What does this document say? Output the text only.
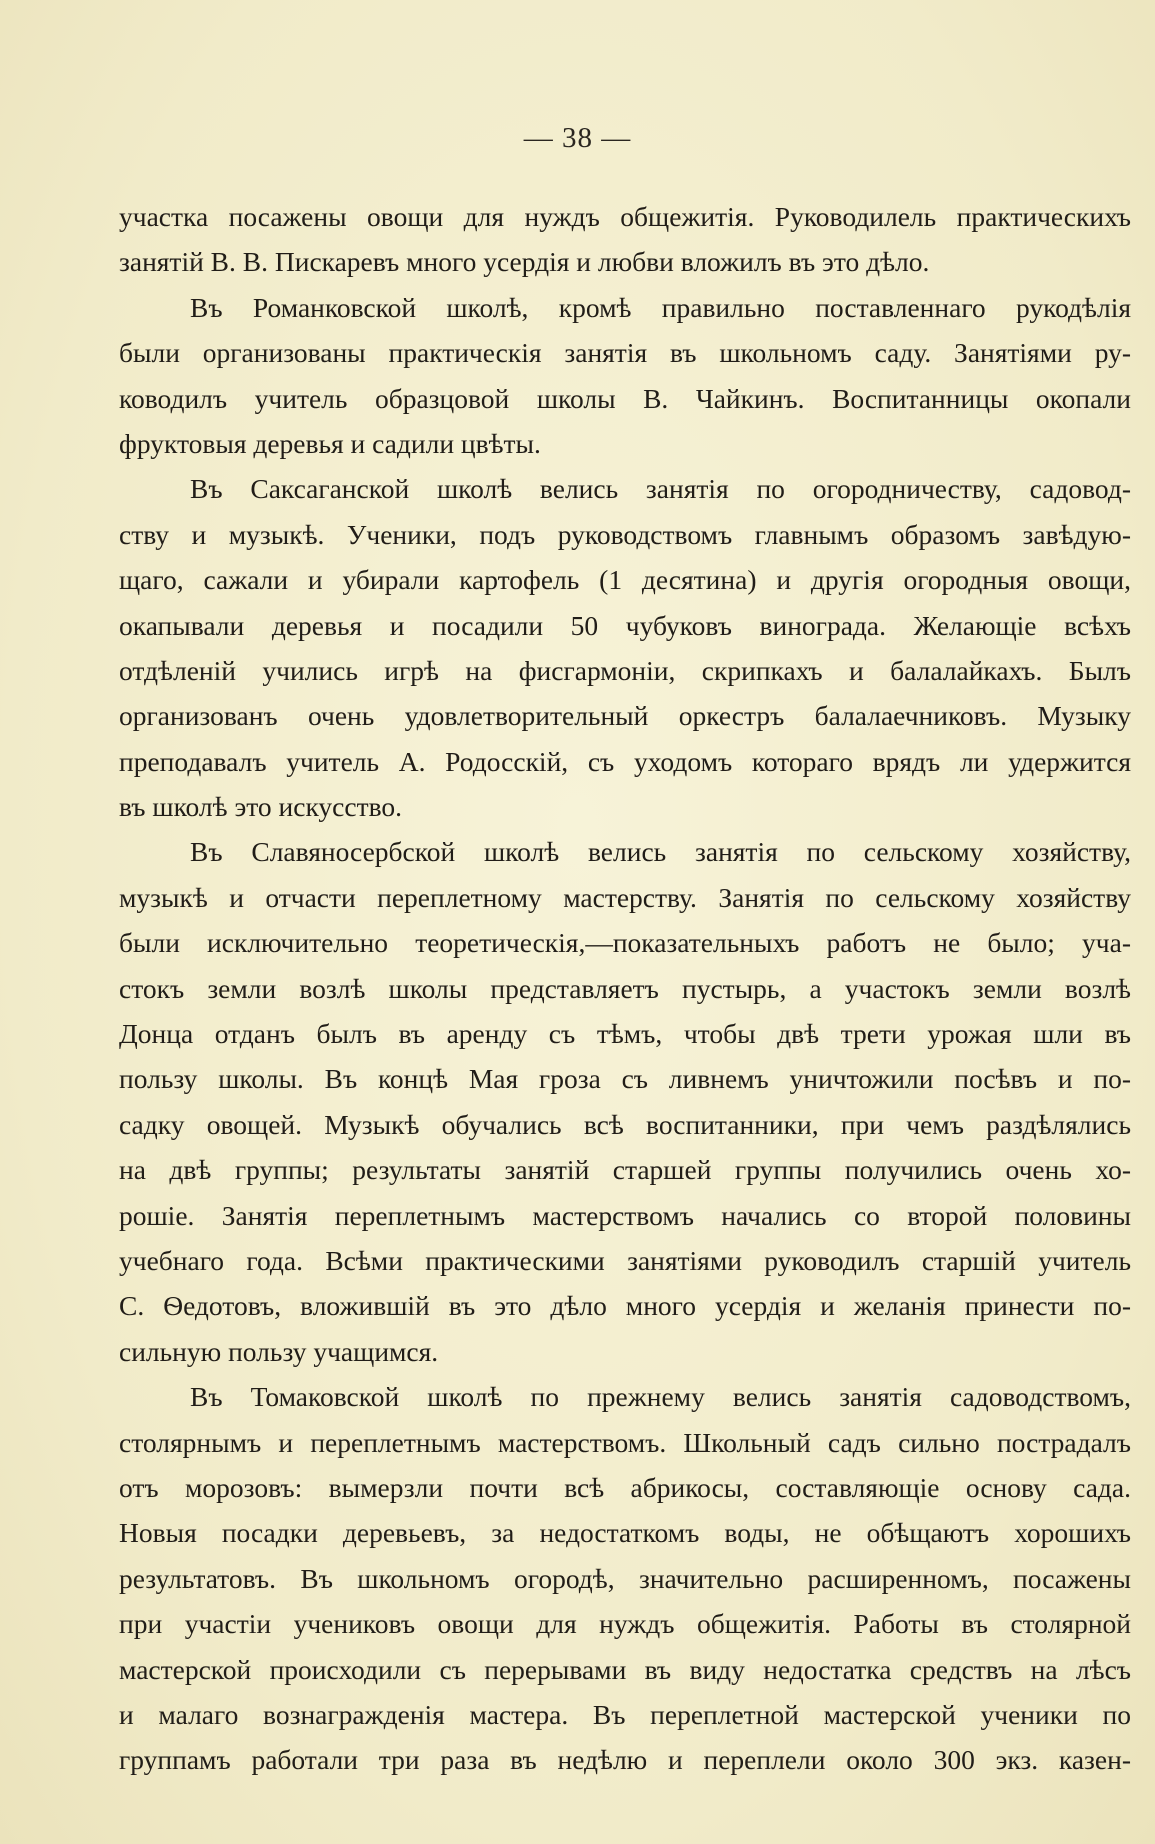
— 38 —
участка посажены овощи для нуждъ общежитія. Руководилель практическихъ
занятій В. В. Пискаревъ много усердія и любви вложилъ въ это дѣло.
Въ Романковской школѣ, кромѣ правильно поставленнаго рукодѣлія
были организованы практическія занятія въ школьномъ саду. Занятіями ру-
ководилъ учитель образцовой школы В. Чайкинъ. Воспитанницы окопали
фруктовыя деревья и садили цвѣты.
Въ Саксаганской школѣ велись занятія по огородничеству, садовод-
ству и музыкѣ. Ученики, подъ руководствомъ главнымъ образомъ завѣдую-
щаго, сажали и убирали картофель (1 десятина) и другія огородныя овощи,
окапывали деревья и посадили 50 чубуковъ винограда. Желающіе всѣхъ
отдѣленій учились игрѣ на фисгармоніи, скрипкахъ и балалайкахъ. Былъ
организованъ очень удовлетворительный оркестръ балалаечниковъ. Музыку
преподавалъ учитель А. Родосскій, съ уходомъ котораго врядъ ли удержится
въ школѣ это искусство.
Въ Славяносербской школѣ велись занятія по сельскому хозяйству,
музыкѣ и отчасти переплетному мастерству. Занятія по сельскому хозяйству
были исключительно теоретическія,—показательныхъ работъ не было; уча-
стокъ земли возлѣ школы представляетъ пустырь, а участокъ земли возлѣ
Донца отданъ былъ въ аренду съ тѣмъ, чтобы двѣ трети урожая шли въ
пользу школы. Въ концѣ Мая гроза съ ливнемъ уничтожили посѣвъ и по-
садку овощей. Музыкѣ обучались всѣ воспитанники, при чемъ раздѣлялись
на двѣ группы; результаты занятій старшей группы получились очень хо-
рошіе. Занятія переплетнымъ мастерствомъ начались со второй половины
учебнаго года. Всѣми практическими занятіями руководилъ старшій учитель
С. Ѳедотовъ, вложившій въ это дѣло много усердія и желанія принести по-
сильную пользу учащимся.
Въ Томаковской школѣ по прежнему велись занятія садоводствомъ,
столярнымъ и переплетнымъ мастерствомъ. Школьный садъ сильно пострадалъ
отъ морозовъ: вымерзли почти всѣ абрикосы, составляющіе основу сада.
Новыя посадки деревьевъ, за недостаткомъ воды, не обѣщаютъ хорошихъ
результатовъ. Въ школьномъ огородѣ, значительно расширенномъ, посажены
при участіи учениковъ овощи для нуждъ общежитія. Работы въ столярной
мастерской происходили съ перерывами въ виду недостатка средствъ на лѣсъ
и малаго вознагражденія мастера. Въ переплетной мастерской ученики по
группамъ работали три раза въ недѣлю и переплели около 300 экз. казен-
